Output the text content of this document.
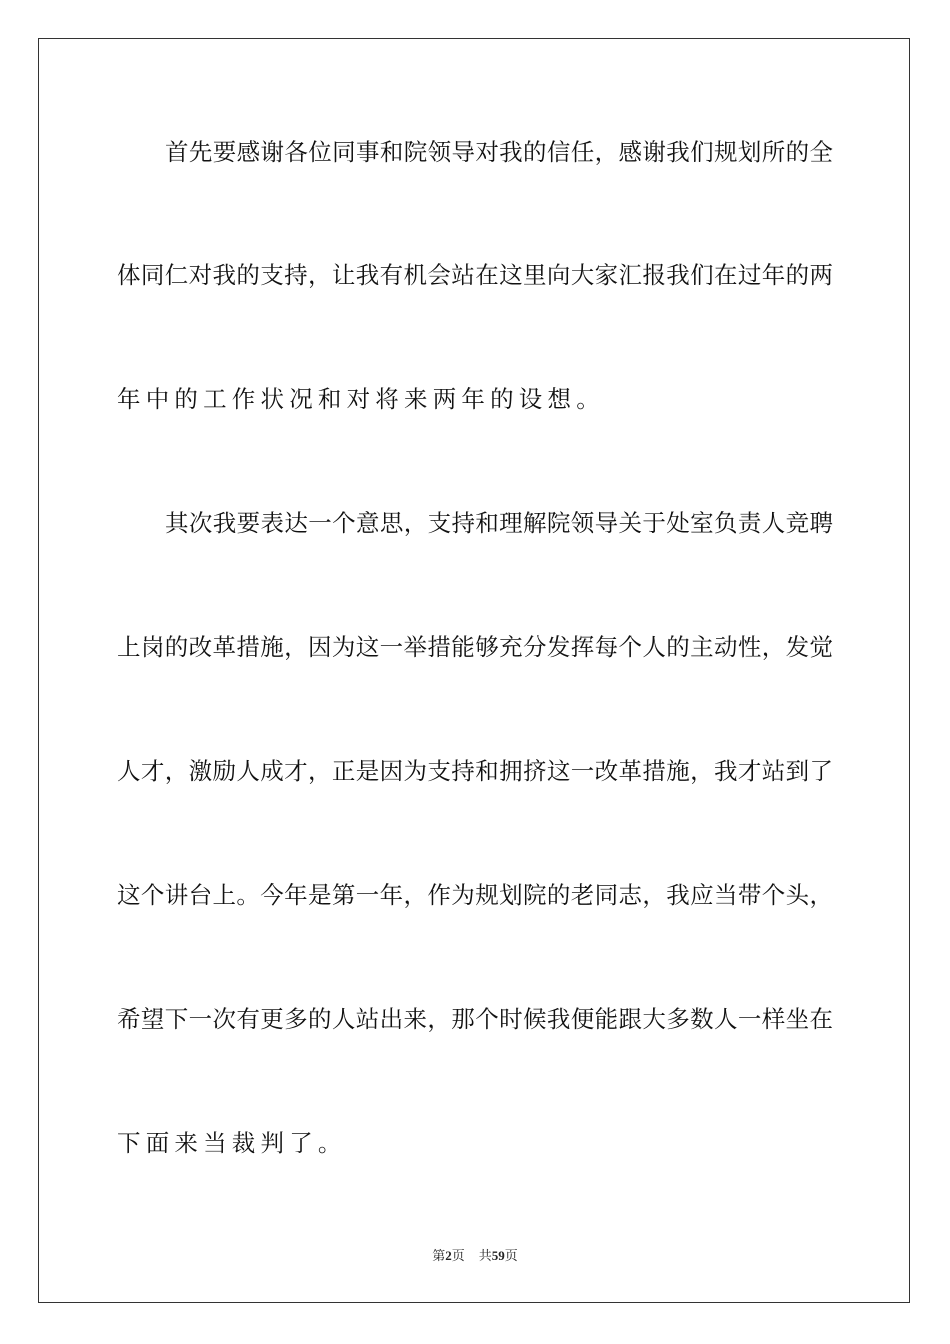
首先要感谢各位同事和院领导对我的信任，感谢我们规划所的全
体同仁对我的支持，让我有机会站在这里向大家汇报我们在过年的两
年中的工作状况和对将来两年的设想。
其次我要表达一个意思，支持和理解院领导关于处室负责人竞聘
上岗的改革措施，因为这一举措能够充分发挥每个人的主动性，发觉
人才，激励人成才，正是因为支持和拥挤这一改革措施，我才站到了
这个讲台上。今年是第一年，作为规划院的老同志，我应当带个头，
希望下一次有更多的人站出来，那个时候我便能跟大多数人一样坐在
下面来当裁判了。
第2页 共59页
